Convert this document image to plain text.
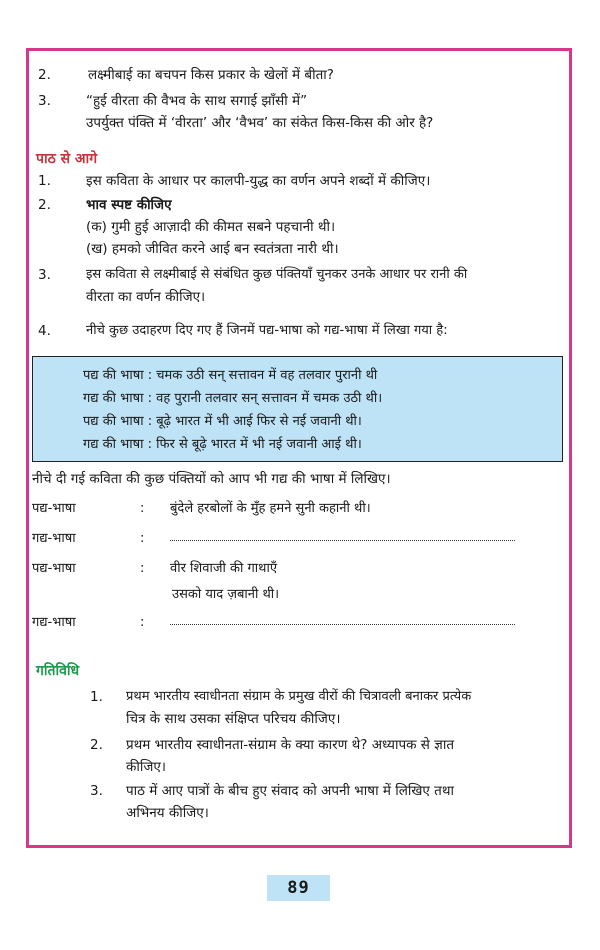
2.	लक्ष्मीबाई का बचपन किस प्रकार के खेलों में बीता?
3.	“हुई वीरता की वैभव के साथ सगाई झाँसी में”
उपर्युक्त पंक्ति में ‘वीरता’ और ‘वैभव’ का संकेत किस-किस की ओर है?
पाठ से आगे
1.	इस कविता के आधार पर कालपी-युद्ध का वर्णन अपने शब्दों में कीजिए।
2.	भाव स्पष्ट कीजिए
(क) गुमी हुई आज़ादी की कीमत सबने पहचानी थी।
(ख) हमको जीवित करने आई बन स्वतंत्रता नारी थी।
3.	इस कविता से लक्ष्मीबाई से संबंधित कुछ पंक्तियाँ चुनकर उनके आधार पर रानी की
वीरता का वर्णन कीजिए।
4.	नीचे कुछ उदाहरण दिए गए हैं जिनमें पद्य-भाषा को गद्य-भाषा में लिखा गया है:
पद्य की भाषा : चमक उठी सन् सत्तावन में वह तलवार पुरानी थी
गद्य की भाषा : वह पुरानी तलवार सन् सत्तावन में चमक उठी थी।
पद्य की भाषा : बूढ़े भारत में भी आई फिर से नई जवानी थी।
गद्य की भाषा : फिर से बूढ़े भारत में भी नई जवानी आई थी।
नीचे दी गई कविता की कुछ पंक्तियों को आप भी गद्य की भाषा में लिखिए।
पद्य-भाषा	: बुंदेले हरबोलों के मुँह हमने सुनी कहानी थी।
गद्य-भाषा	:
पद्य-भाषा	: वीर शिवाजी की गाथाएँ
उसको याद ज़बानी थी।
गद्य-भाषा	:
गतिविधि
1. प्रथम भारतीय स्वाधीनता संग्राम के प्रमुख वीरों की चित्रावली बनाकर प्रत्येक
चित्र के साथ उसका संक्षिप्त परिचय कीजिए।
2. प्रथम भारतीय स्वाधीनता-संग्राम के क्या कारण थे? अध्यापक से ज्ञात
कीजिए।
3. पाठ में आए पात्रों के बीच हुए संवाद को अपनी भाषा में लिखिए तथा
अभिनय कीजिए।
89
